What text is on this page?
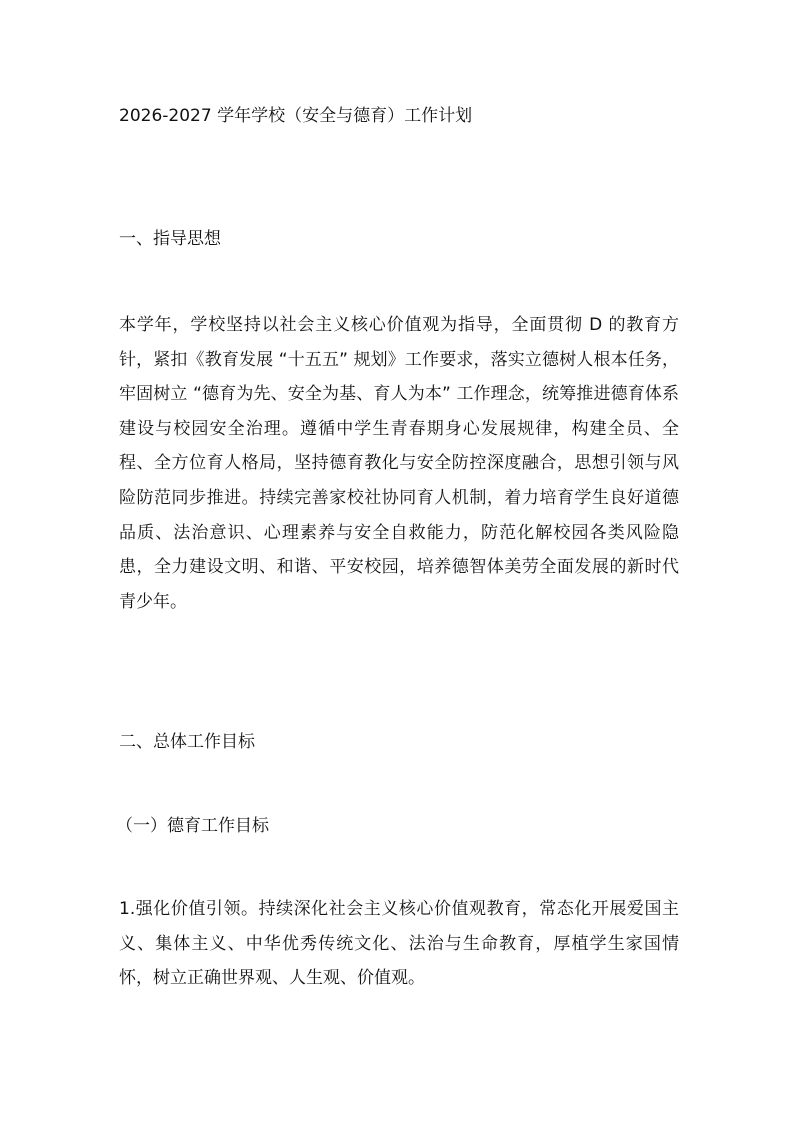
2026-2027 学年学校（安全与德育）工作计划
一、指导思想

本学年，学校坚持以社会主义核心价值观为指导，全面贯彻 D 的教育方针，紧扣《教育发展 “十五五” 规划》工作要求，落实立德树人根本任务，牢固树立 “德育为先、安全为基、育人为本” 工作理念，统筹推进德育体系建设与校园安全治理。遵循中学生青春期身心发展规律，构建全员、全程、全方位育人格局，坚持德育教化与安全防控深度融合，思想引领与风险防范同步推进。持续完善家校社协同育人机制，着力培育学生良好道德品质、法治意识、心理素养与安全自救能力，防范化解校园各类风险隐患，全力建设文明、和谐、平安校园，培养德智体美劳全面发展的新时代青少年。

二、总体工作目标
（一）德育工作目标

1.强化价值引领。持续深化社会主义核心价值观教育，常态化开展爱国主义、集体主义、中华优秀传统文化、法治与生命教育，厚植学生家国情怀，树立正确世界观、人生观、价值观。
